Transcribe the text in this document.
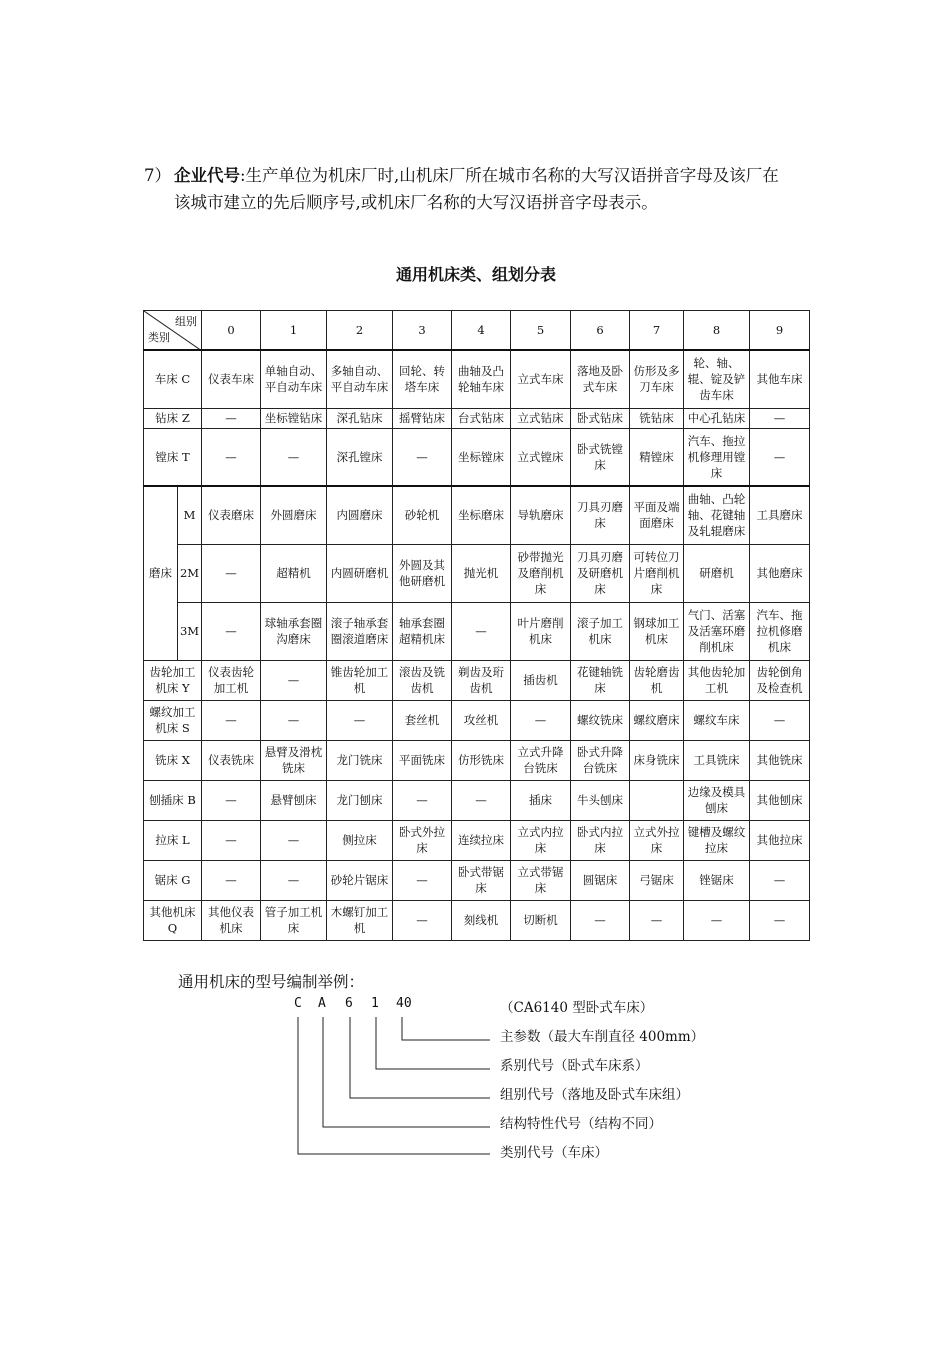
7） 企业代号:生产单位为机床厂时,山机床厂所在城市名称的大写汉语拼音字母及该厂在
该城市建立的先后顺序号,或机床厂名称的大写汉语拼音字母表示。
通用机床类、组划分表
组别
类别		0	1	2	3	4	5	6	7	8	9
车床 C		仪表车床	单轴自动、平自动车床	多轴自动、平自动车床	回轮、转塔车床	曲轴及凸轮轴车床	立式车床	落地及卧式车床	仿形及多刀车床	轮、轴、辊、锭及铲齿车床	其他车床
钻床 Z		—	坐标镗钻床	深孔钻床	摇臂钻床	台式钻床	立式钻床	卧式钻床	铣钻床	中心孔钻床	—
镗床 T		—	—	深孔镗床	—	坐标镗床	立式镗床	卧式铣镗床	精镗床	汽车、拖拉机修理用镗床	—
磨床	M	仪表磨床	外圆磨床	内圆磨床	砂轮机	坐标磨床	导轨磨床	刀具刃磨床	平面及端面磨床	曲轴、凸轮轴、花键轴及轧辊磨床	工具磨床
	2M	—	超精机	内圆研磨机	外圆及其他研磨机	抛光机	砂带抛光及磨削机床	刀具刃磨及研磨机床	可转位刀片磨削机床	研磨机	其他磨床
	3M	—	球轴承套圈沟磨床	滚子轴承套圈滚道磨床	轴承套圈超精机床	—	叶片磨削机床	滚子加工机床	钢球加工机床	气门、活塞及活塞环磨削机床	汽车、拖拉机修磨机床
齿轮加工机床 Y		仪表齿轮加工机	—	锥齿轮加工机	滚齿及铣齿机	剃齿及珩齿机	插齿机	花键轴铣床	齿轮磨齿机	其他齿轮加工机	齿轮倒角及检查机
螺纹加工机床 S		—	—	—	套丝机	攻丝机	—	螺纹铣床	螺纹磨床	螺纹车床	—
铣床 X		仪表铣床	悬臂及滑枕铣床	龙门铣床	平面铣床	仿形铣床	立式升降台铣床	卧式升降台铣床	床身铣床	工具铣床	其他铣床
刨插床 B		—	悬臂刨床	龙门刨床	—	—	插床	牛头刨床		边缘及模具刨床	其他刨床
拉床 L		—	—	侧拉床	卧式外拉床	连续拉床	立式内拉床	卧式内拉床	立式外拉床	键槽及螺纹拉床	其他拉床
锯床 G		—	—	砂轮片锯床	—	卧式带锯床	立式带锯床	圆锯床	弓锯床	锉锯床	—
其他机床 Q		其他仪表机床	管子加工机床	木螺钉加工机	—	刻线机	切断机	—	—	—	—
通用机床的型号编制举例：
C A 6 1 40	（CA6140 型卧式车床）
主参数（最大车削直径 400mm）
系别代号（卧式车床系）
组别代号（落地及卧式车床组）
结构特性代号（结构不同）
类别代号（车床）
